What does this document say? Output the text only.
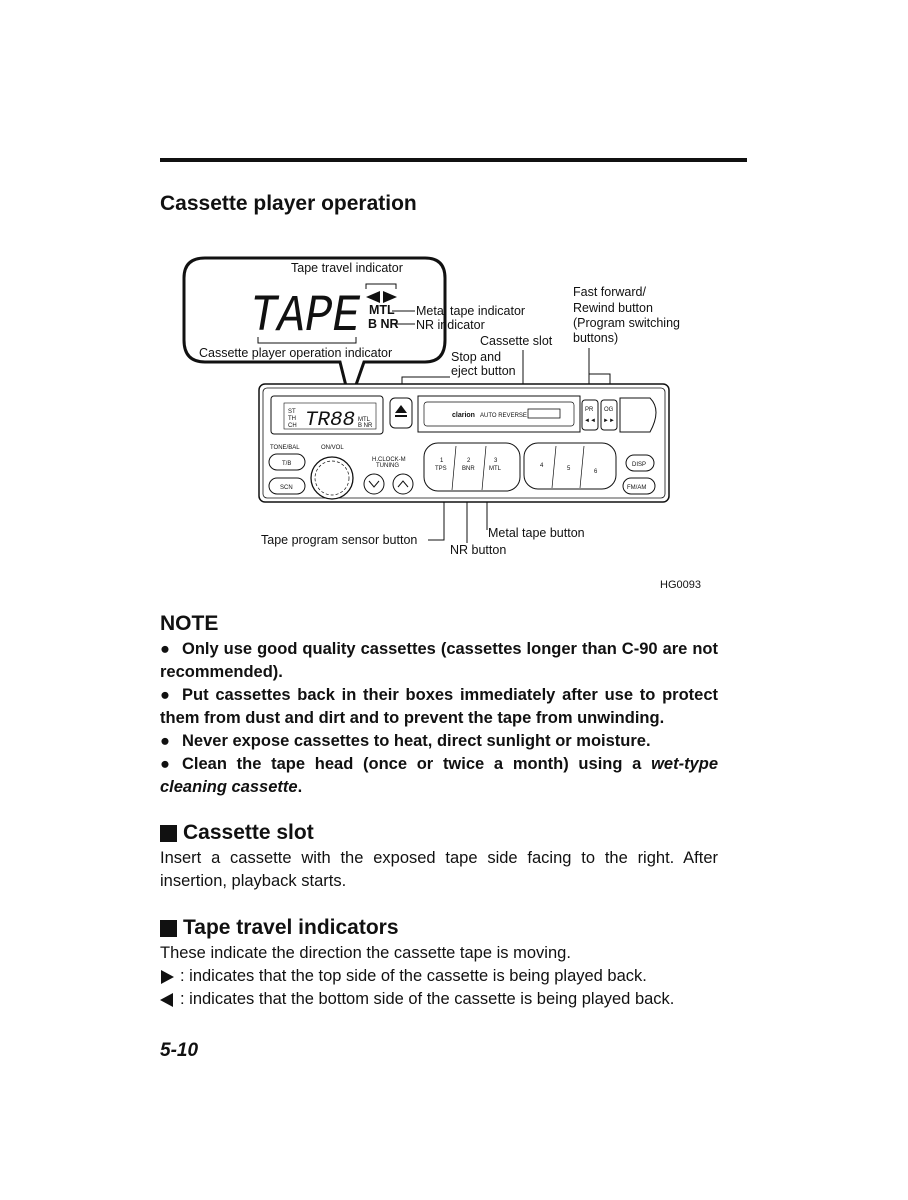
Cassette player operation
Tape travel indicator
TAPE MTL
B NR
Cassette player operation indicator
Metal tape indicator
NR indicator
Cassette slot
Stop and
eject button
Fast forward/
Rewind button
(Program switching
buttons)
TR88
ST
TH
CH
MTL
B NR
clarion AUTO REVERSE
PR OG
◄◄ ►►
TONE/BAL	ON/VOL
T/B
SCN
H.CLOCK-M
TUNING
1
TPS
2
BNR
3
MTL	4	5	6
DISP
FM/AM
Tape program sensor button	Metal tape button
NR button
HG0093
NOTE
● Only use good quality cassettes (cassettes longer than C-90 are not recommended).
● Put cassettes back in their boxes immediately after use to protect them from dust and dirt and to prevent the tape from unwinding.
● Never expose cassettes to heat, direct sunlight or moisture.
● Clean the tape head (once or twice a month) using a wet-type cleaning cassette.
Cassette slot
Insert a cassette with the exposed tape side facing to the right. After insertion, playback starts.
Tape travel indicators
These indicate the direction the cassette tape is moving.
: indicates that the top side of the cassette is being played back.
: indicates that the bottom side of the cassette is being played back.
5-10
